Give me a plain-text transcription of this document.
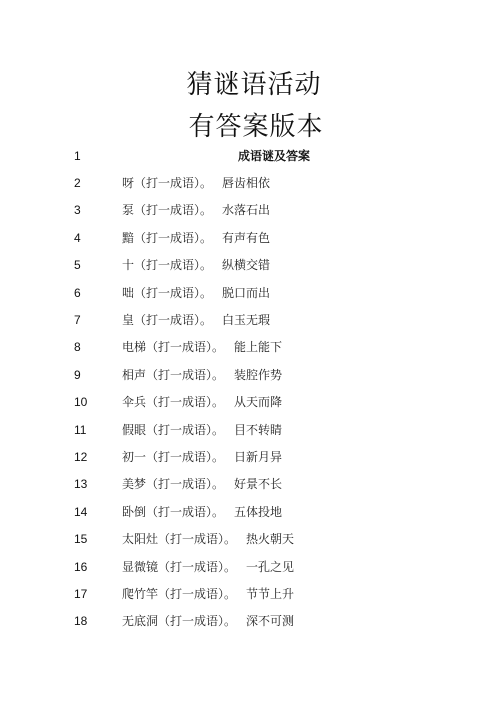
猜谜语活动
有答案版本
1	成语谜及答案
2	呀（打一成语）。 唇齿相依
3	泵（打一成语）。 水落石出
4	黯（打一成语）。 有声有色
5	十（打一成语）。 纵横交错
6	咄（打一成语）。 脱口而出
7	皇（打一成语）。 白玉无瑕
8	电梯（打一成语）。 能上能下
9	相声（打一成语）。 装腔作势
10	伞兵（打一成语）。 从天而降
11	假眼（打一成语）。 目不转睛
12	初一（打一成语）。 日新月异
13	美梦（打一成语）。 好景不长
14	卧倒（打一成语）。 五体投地
15	太阳灶（打一成语）。 热火朝天
16	显微镜（打一成语）。 一孔之见
17	爬竹竿（打一成语）。 节节上升
18	无底洞（打一成语）。 深不可测
